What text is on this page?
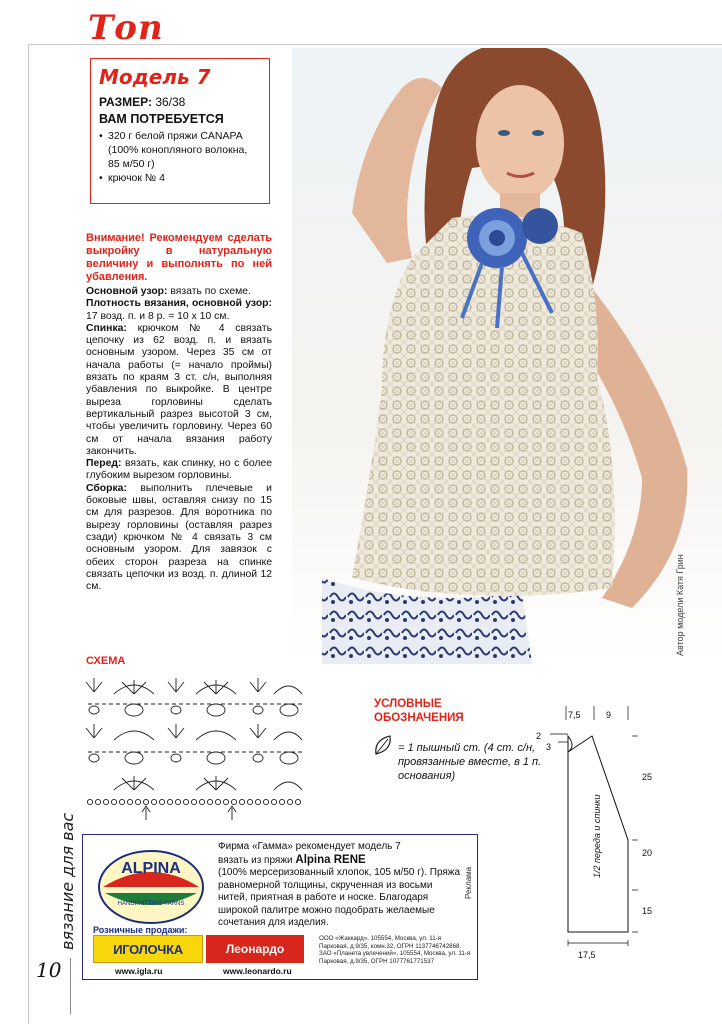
Топ
Модель 7
РАЗМЕР: 36/38
ВАМ ПОТРЕБУЕТСЯ
• 320 г белой пряжи CANAPA (100% конопляного волокна, 85 м/50 г)
• крючок № 4
Внимание! Рекомендуем сделать выкройку в натуральную величину и выполнять по ней убавления.

Основной узор: вязать по схеме.

Плотность вязания, основной узор: 17 возд. п. и 8 р. = 10 х 10 см.

Спинка: крючком № 4 связать цепочку из 62 возд. п. и вязать основным узором. Через 35 см от начала работы (= начало проймы) вязать по краям 3 ст. с/н, выполняя убавления по выкройке. В центре выреза горловины сделать вертикальный разрез высотой 3 см, чтобы увеличить горловину. Через 60 см от начала вязания работу закончить.

Перед: вязать, как спинку, но с более глубоким вырезом горловины.

Сборка: выполнить плечевые и боковые швы, оставляя снизу по 15 см для разрезов. Для воротника по вырезу горловины (оставляя разрез сзади) крючком № 4 связать 3 см основным узором. Для завязок с обеих сторон разреза на спинке связать цепочки из возд. п. длиной 12 см.	Автор модели Катя Грин
СХЕМА
УСЛОВНЫЕ
ОБОЗНАЧЕНИЯ
= 1 пышный ст. (4 ст. с/н, провязанные вместе, в 1 п. основания)
7,5	9
2
3
25
20
15
17,5
1/2 переда и спинки
ALPINA
HANDKNITTING YARNS
Фирма «Гамма» рекомендует модель 7
вязать из пряжи Alpina RENE
(100% мерсеризованный хлопок, 105 м/50 г). Пряжа равномерной толщины, скрученная из восьми нитей, приятная в работе и носке. Благодаря широкой палитре можно подобрать желаемые сочетания для изделия.
Реклама
Розничные продажи:
ИГОЛОЧКА	Леонардо
www.igla.ru	www.leonardo.ru
ООО «Жаккард», 105554, Москва, ул. 11-я Парковая, д.9/35, комн.32, ОГРН 1137746742868. ЗАО «Планета увлечений», 105554, Москва, ул. 11-я Парковая, д.9/35, ОГРН 1077761771537
вязание для вас
10
